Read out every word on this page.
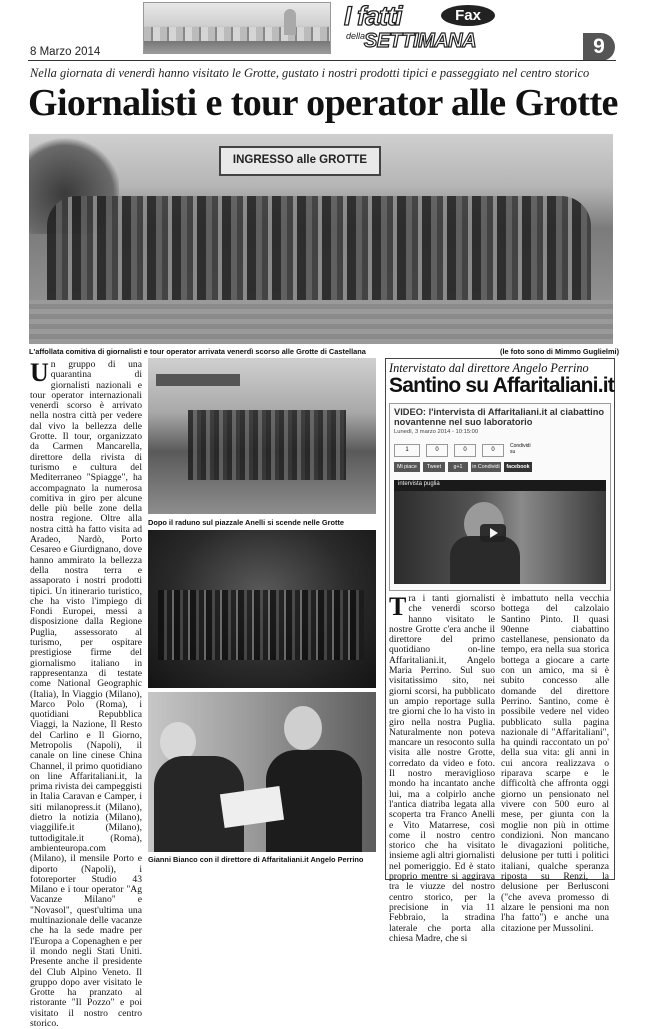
I fatti	Fax
della
SETTIMANA
8 Marzo 2014	9
Nella giornata di venerdì hanno visitato le Grotte, gustato i nostri prodotti tipici e passeggiato nel centro storico
Giornalisti e tour operator alle Grotte
INGRESSO alle GROTTE
L'affollata comitiva di giornalisti e tour operator arrivata venerdì scorso alle Grotte di Castellana	(le foto sono di Mimmo Guglielmi)
Un gruppo di una quarantina di giornalisti nazionali e tour operator internazionali venerdì scorso è arrivato nella nostra città per vedere dal vivo la bellezza delle Grotte. Il tour, organizzato da Carmen Mancarella, direttore della rivista di turismo e cultura del Mediterraneo "Spiagge", ha accompagnato la numerosa comitiva in giro per alcune delle più belle zone della nostra regione. Oltre alla nostra città ha fatto visita ad Aradeo, Nardò, Porto Cesareo e Giurdignano, dove hanno ammirato la bellezza della nostra terra e assaporato i nostri prodotti tipici. Un itinerario turistico, che ha visto l'impiego di Fondi Europei, messi a disposizione dalla Regione Puglia, assessorato al turismo, per ospitare prestigiose firme del giornalismo italiano in rappresentanza di testate come National Geographic (Italia), In Viaggio (Milano), Marco Polo (Roma), i quotidiani Repubblica Viaggi, la Nazione, Il Resto del Carlino e Il Giorno, Metropolis (Napoli), il canale on line cinese China Channel, il primo quotidiano on line Affaritaliani.it, la prima rivista dei campeggisti in Italia Caravan e Camper, i siti milanopress.it (Milano), dietro la notizia (Milano), viaggilife.it (Milano), tuttodigitale.it (Roma), ambienteuropa.com (Milano), il mensile Porto e diporto (Napoli), i fotoreporter Studio 43 Milano e i tour operator "Ag Vacanze Milano" e "Novasol", quest'ultima una multinazionale delle vacanze che ha la sede madre per l'Europa a Copenaghen e per il mondo negli Stati Uniti. Presente anche il presidente del Club Alpino Veneto. Il gruppo dopo aver visitato le Grotte ha pranzato al ristorante "Il Pozzo" e poi visitato il nostro centro storico.
Dopo il raduno sul piazzale Anelli si scende nelle Grotte
Gianni Bianco con il direttore di Affaritaliani.it Angelo Perrino
Intervistato dal direttore Angelo Perrino
Santino su Affaritaliani.it
VIDEO: l'intervista di Affaritaliani.it al ciabattino novantenne nel suo laboratorio
Lunedì, 3 marzo 2014 - 10:15:00
1	0	0	0
Condividi su
Mi piace	Tweet	g+1	in Condividi	facebook
intervista puglia
Tra i tanti giornalisti che venerdì scorso hanno visitato le nostre Grotte c'era anche il direttore del primo quotidiano on-line Affaritaliani.it, Angelo Maria Perrino. Sul suo visitatissimo sito, nei giorni scorsi, ha pubblicato un ampio reportage sulla tre giorni che lo ha visto in giro nella nostra Puglia. Naturalmente non poteva mancare un resoconto sulla visita alle nostre Grotte, corredato da video e foto. Il nostro meraviglioso mondo ha incantato anche lui, ma a colpirlo anche l'antica diatriba legata alla scoperta tra Franco Anelli e Vito Matarrese, così come il nostro centro storico che ha visitato insieme agli altri giornalisti nel pomeriggio. Ed è stato proprio mentre si aggirava tra le viuzze del nostro centro storico, per la precisione in via 11 Febbraio, la stradina laterale che porta alla chiesa Madre, che si
è imbattuto nella vecchia bottega del calzolaio Santino Pinto. Il quasi 90enne ciabattino castellanese, pensionato da tempo, era nella sua storica bottega a giocare a carte con un amico, ma si è subito concesso alle domande del direttore Perrino. Santino, come è possibile vedere nel video pubblicato sulla pagina nazionale di "Affaritaliani", ha quindi raccontato un po' della sua vita: gli anni in cui ancora realizzava o riparava scarpe e le difficoltà che affronta oggi giorno un pensionato nel vivere con 500 euro al mese, per giunta con la moglie non più in ottime condizioni. Non mancano le divagazioni politiche, delusione per tutti i politici italiani, qualche speranza riposta su Renzi, la delusione per Berlusconi ("che aveva promesso di alzare le pensioni ma non l'ha fatto") e anche una citazione per Mussolini.
